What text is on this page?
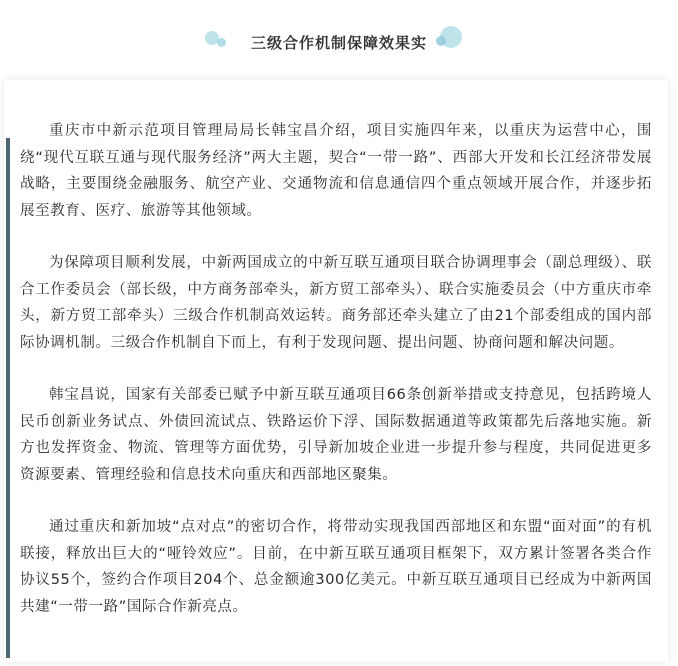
三级合作机制保障效果实

重庆市中新示范项目管理局局长韩宝昌介绍，项目实施四年来，以重庆为运营中心，围绕“现代互联互通与现代服务经济”两大主题，契合“一带一路”、西部大开发和长江经济带发展战略，主要围绕金融服务、航空产业、交通物流和信息通信四个重点领域开展合作，并逐步拓展至教育、医疗、旅游等其他领域。

为保障项目顺利发展，中新两国成立的中新互联互通项目联合协调理事会（副总理级）、联合工作委员会（部长级，中方商务部牵头，新方贸工部牵头）、联合实施委员会（中方重庆市牵头，新方贸工部牵头）三级合作机制高效运转。商务部还牵头建立了由21个部委组成的国内部际协调机制。三级合作机制自下而上，有利于发现问题、提出问题、协商问题和解决问题。

韩宝昌说，国家有关部委已赋予中新互联互通项目66条创新举措或支持意见，包括跨境人民币创新业务试点、外债回流试点、铁路运价下浮、国际数据通道等政策都先后落地实施。新方也发挥资金、物流、管理等方面优势，引导新加坡企业进一步提升参与程度，共同促进更多资源要素、管理经验和信息技术向重庆和西部地区聚集。

通过重庆和新加坡“点对点”的密切合作，将带动实现我国西部地区和东盟“面对面”的有机联接，释放出巨大的“哑铃效应”。目前，在中新互联互通项目框架下，双方累计签署各类合作协议55个，签约合作项目204个、总金额逾300亿美元。中新互联互通项目已经成为中新两国共建“一带一路”国际合作新亮点。
